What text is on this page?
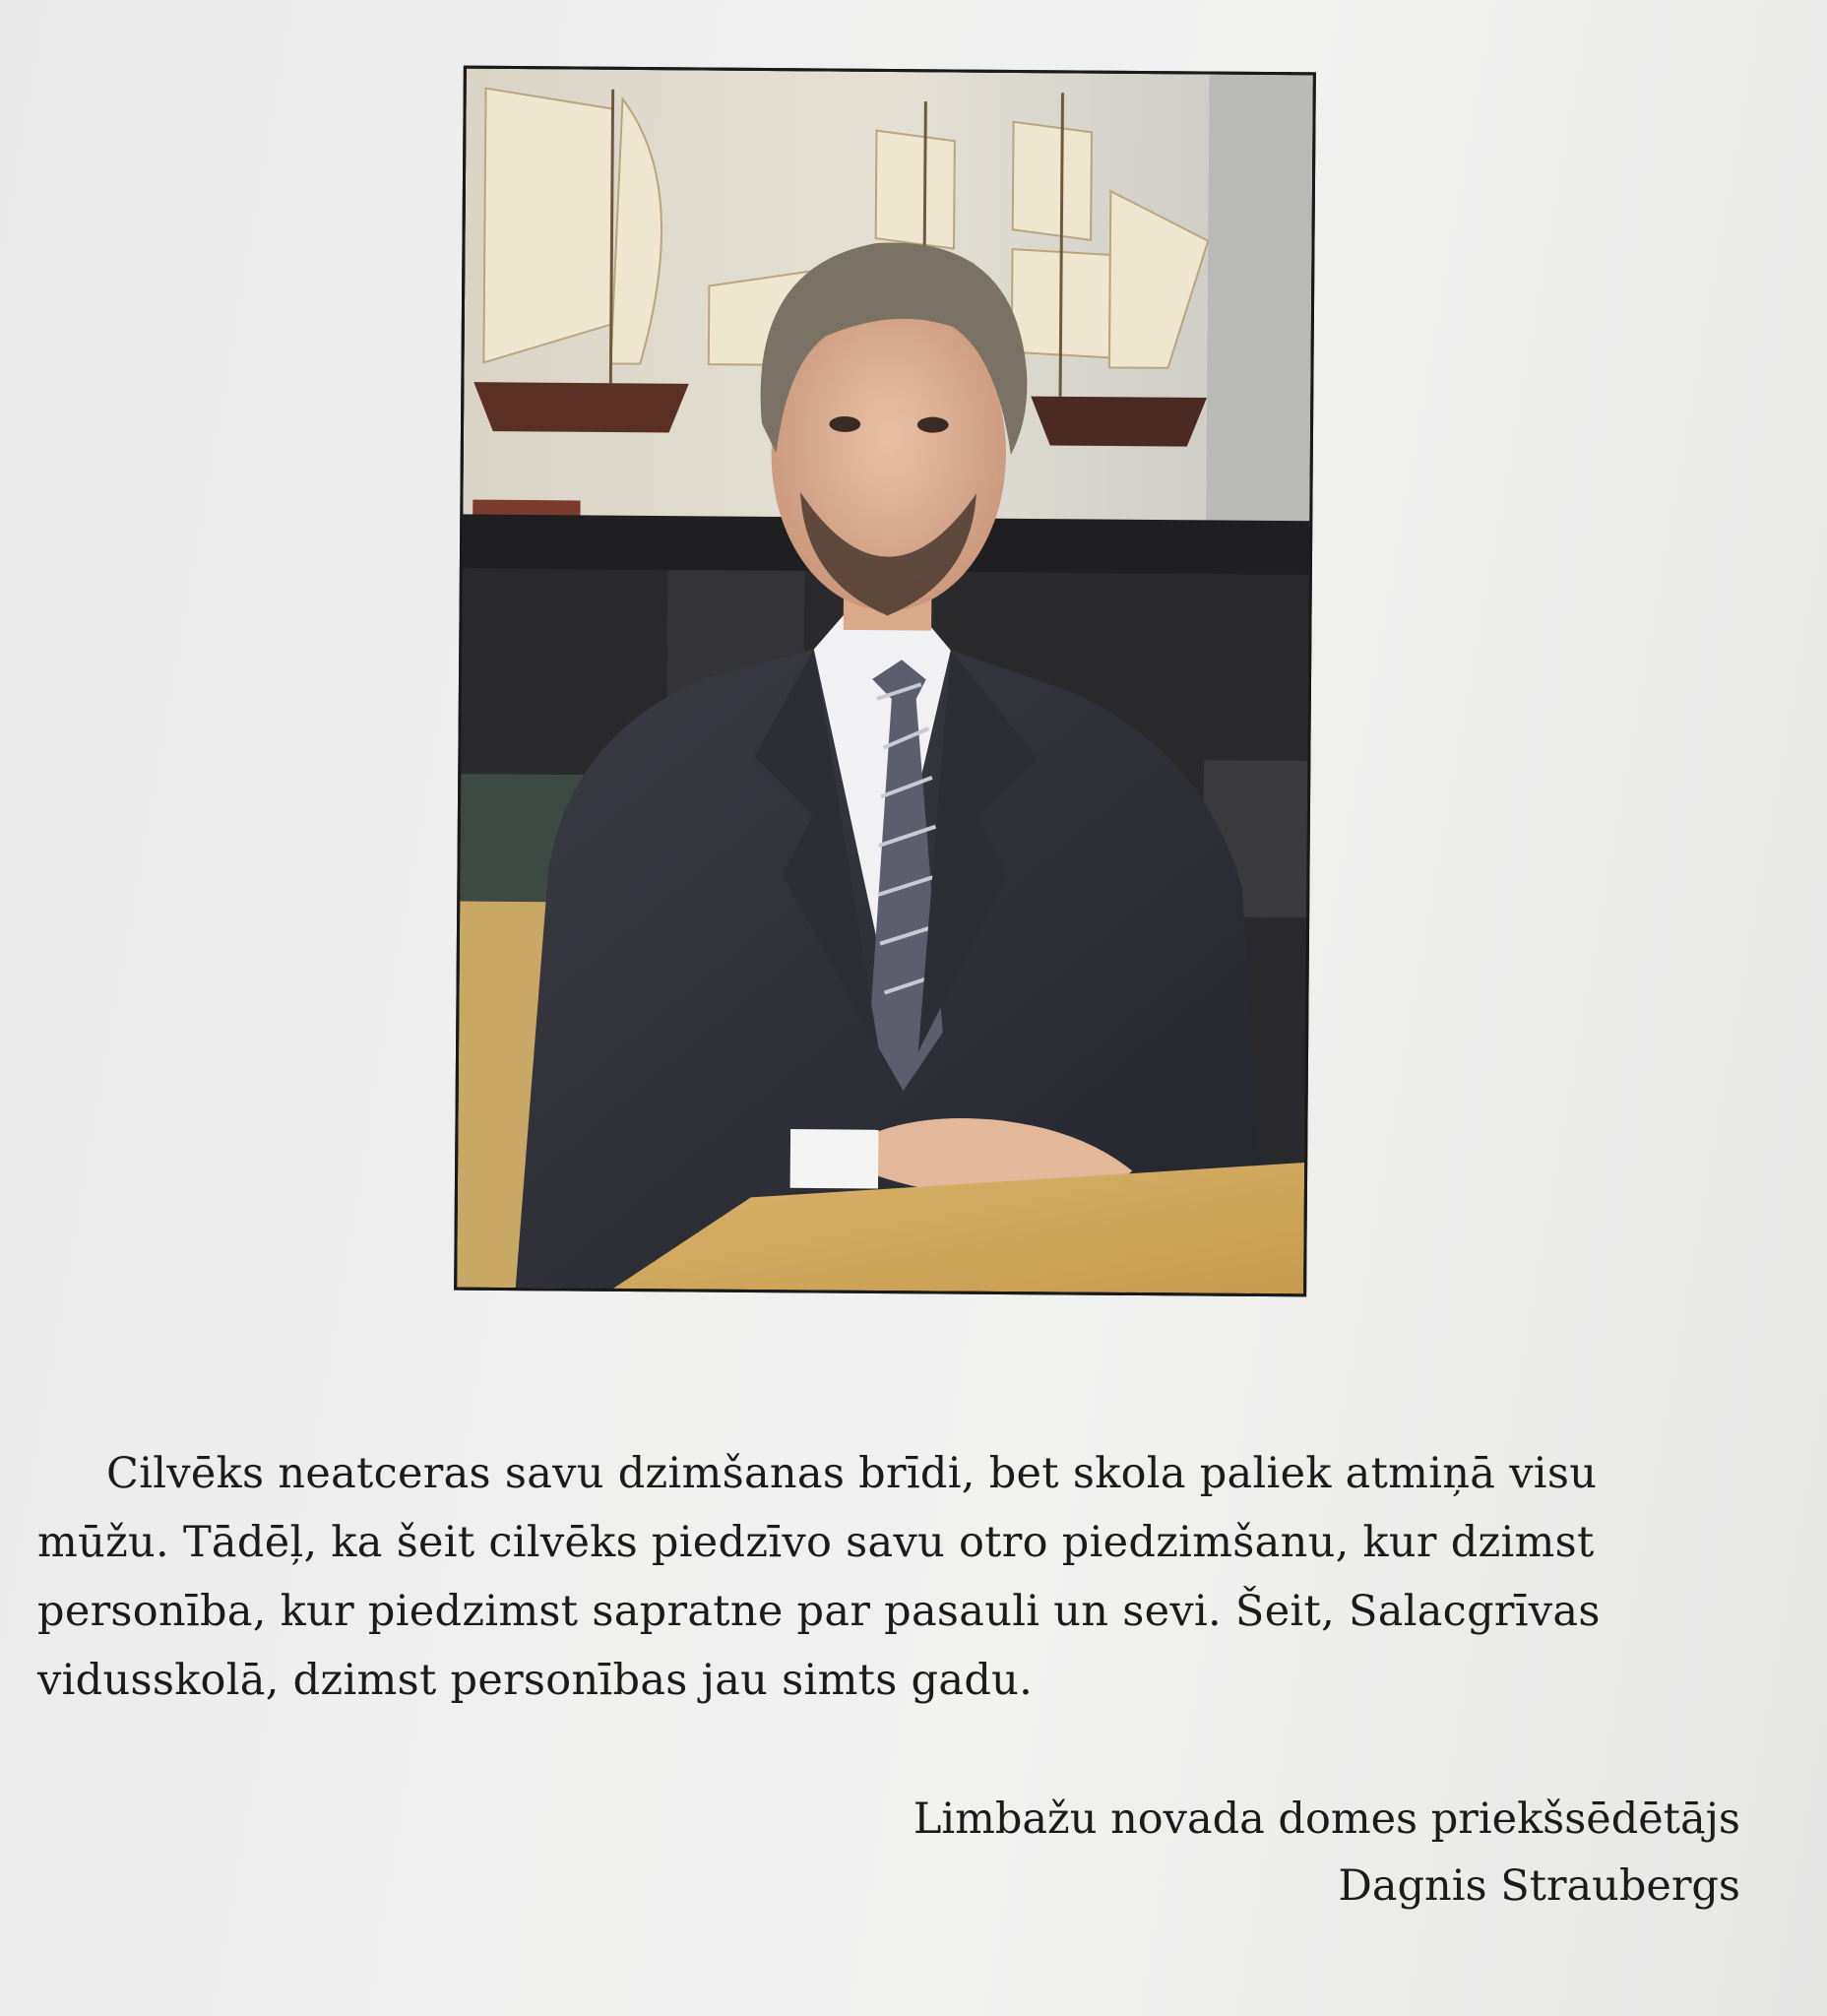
Cilvēks neatceras savu dzimšanas brīdi, bet skola paliek atmiņā visu
mūžu. Tādēļ, ka šeit cilvēks piedzīvo savu otro piedzimšanu, kur dzimst
personība, kur piedzimst sapratne par pasauli un sevi. Šeit, Salacgrīvas
vidusskolā, dzimst personības jau simts gadu.
Limbažu novada domes priekšsēdētājs
Dagnis Straubergs
